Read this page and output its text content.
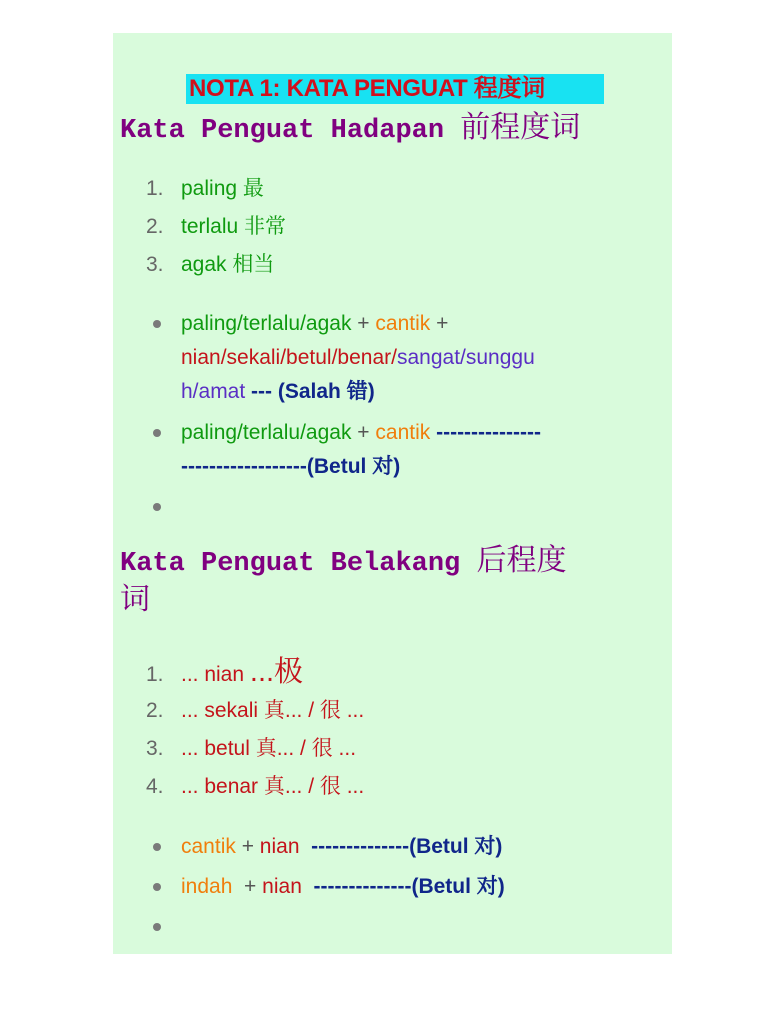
NOTA 1: KATA PENGUAT 程度词
Kata Penguat Hadapan 前程度词
1. paling 最
2. terlalu 非常
3. agak 相当
paling/terlalu/agak + cantik +
nian/sekali/betul/benar/sangat/sunggu
h/amat --- (Salah 错)
paling/terlalu/agak + cantik ---------------
------------------(Betul 对)
Kata Penguat Belakang 后程度
词
1. ... nian ...极
2. ... sekali 真... / 很 ...
3. ... betul 真... / 很 ...
4. ... benar 真... / 很 ...
cantik + nian  --------------(Betul 对)
indah  + nian  --------------(Betul 对)
